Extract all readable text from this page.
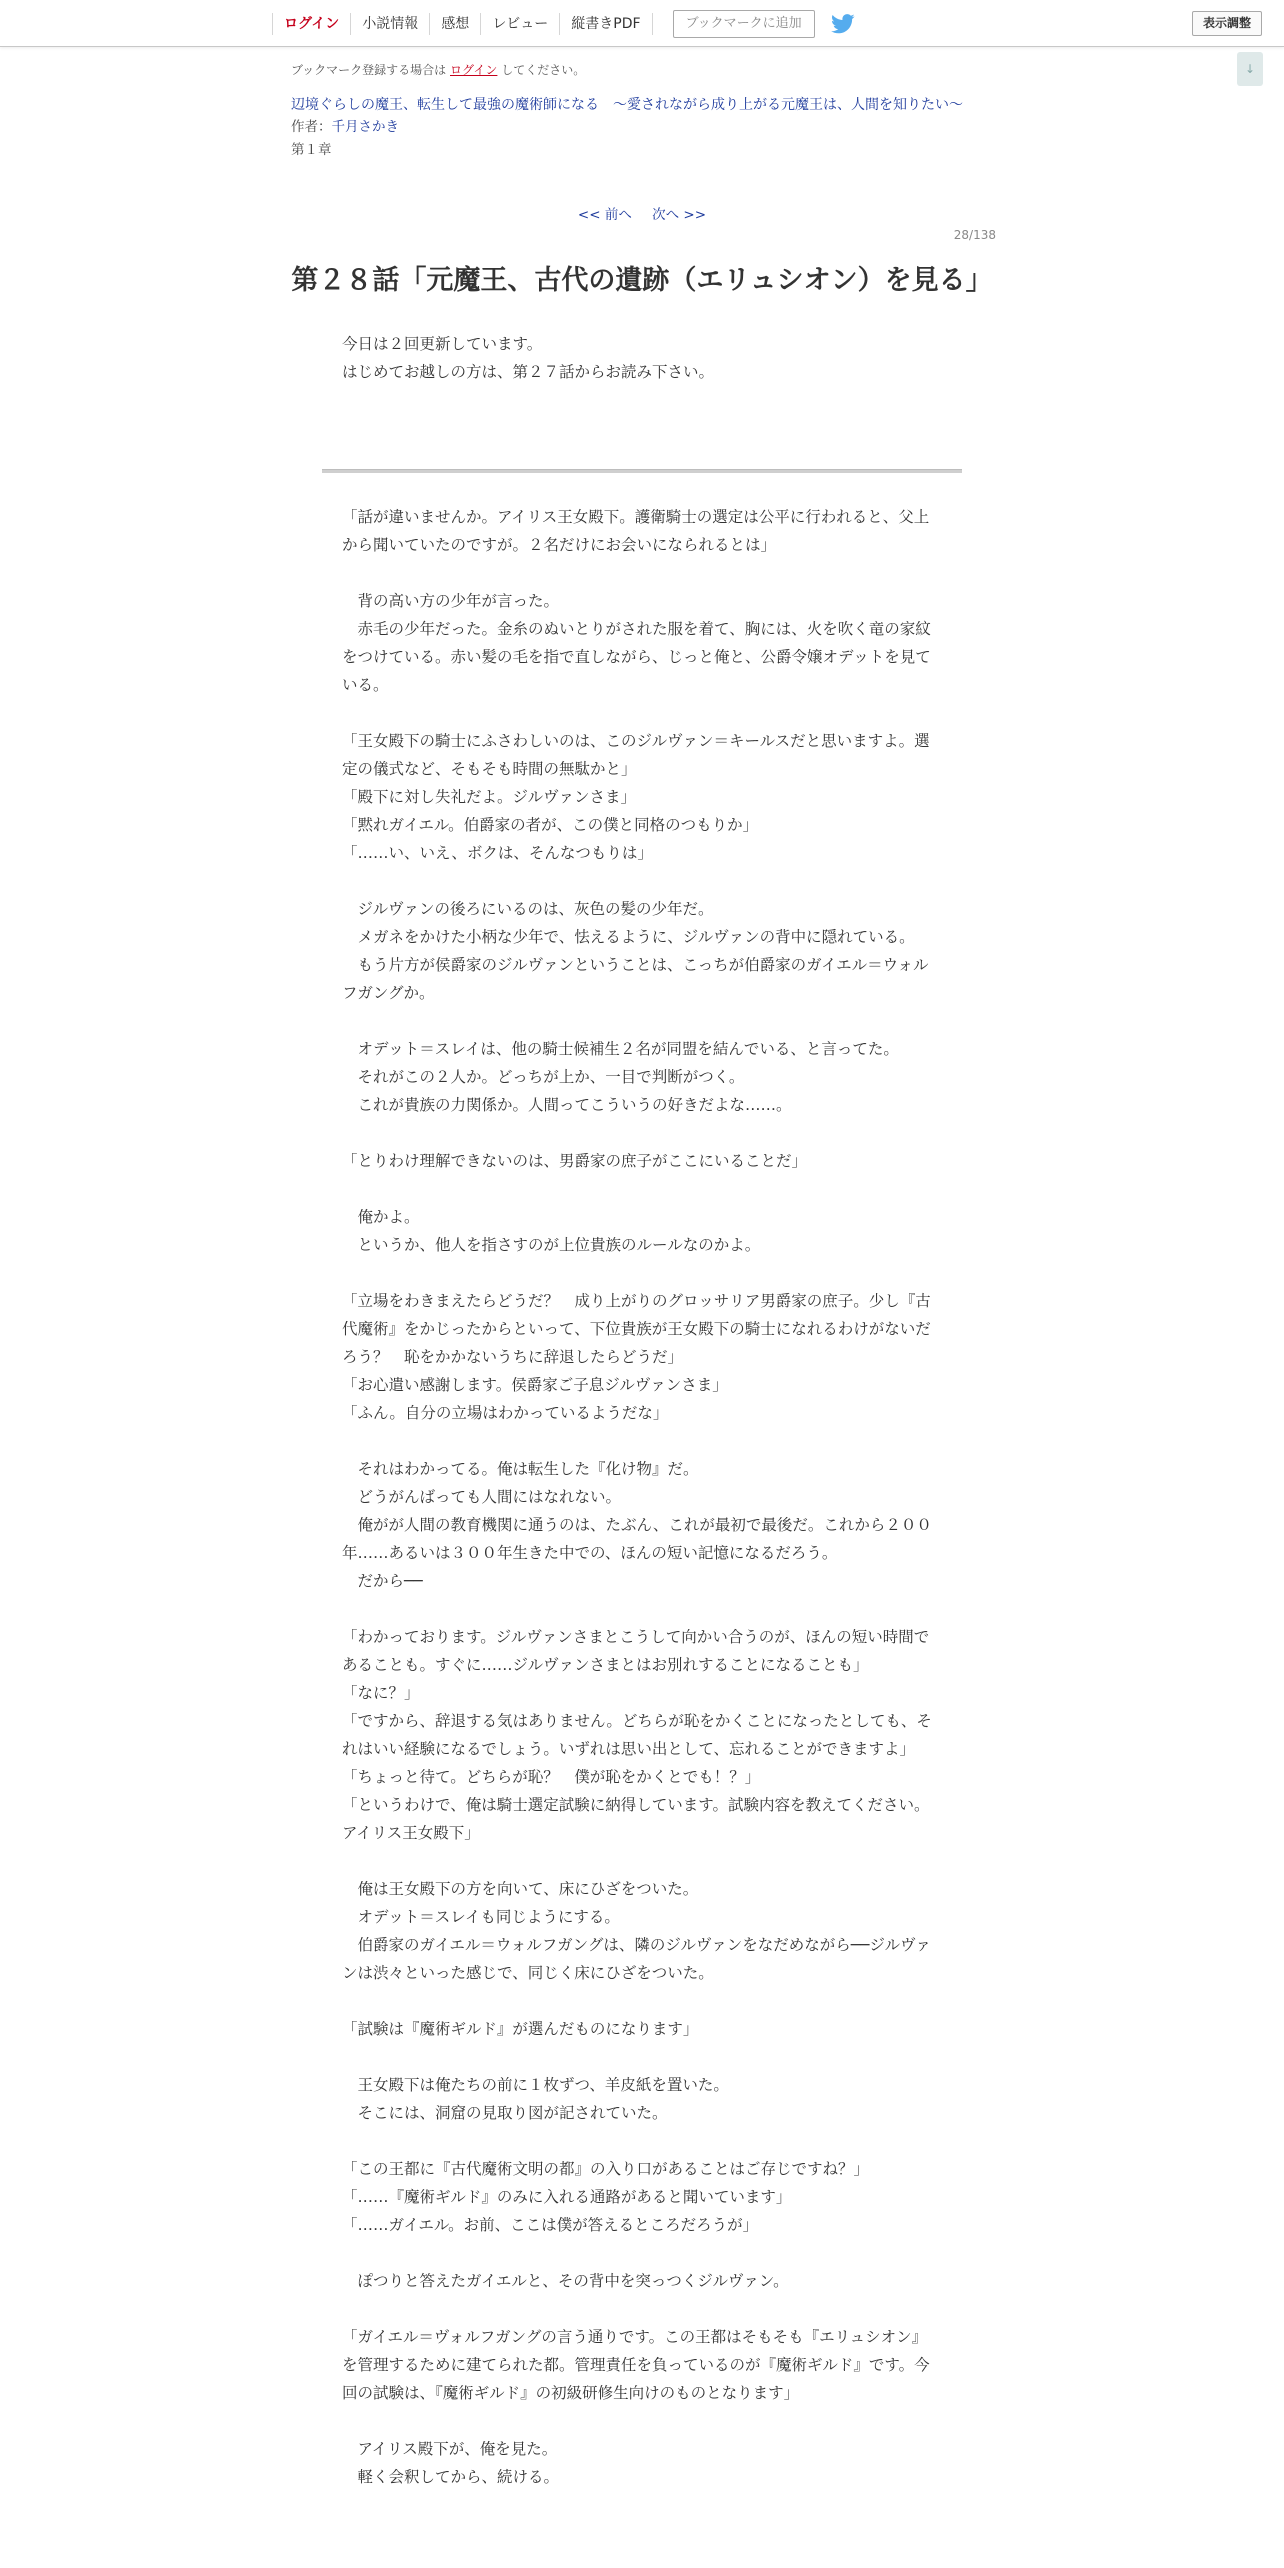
ログイン	小説情報	感想	レビュー	縦書きPDF	ブックマークに追加	表示調整
↓
ブックマーク登録する場合は ログイン してください。
辺境ぐらしの魔王、転生して最強の魔術師になる　〜愛されながら成り上がる元魔王は、人間を知りたい〜
作者：千月さかき
第１章
<< 前へ 次へ >>
28/138
第２８話「元魔王、古代の遺跡（エリュシオン）を見る」
今日は２回更新しています。
はじめてお越しの方は、第２７話からお読み下さい。
「話が違いませんか。アイリス王女殿下。護衛騎士の選定は公平に行われると、父上から聞いていたのですが。２名だけにお会いになられるとは」
　背の高い方の少年が言った。
　赤毛の少年だった。金糸のぬいとりがされた服を着て、胸には、火を吹く竜の家紋をつけている。赤い髪の毛を指で直しながら、じっと俺と、公爵令嬢オデットを見ている。
「王女殿下の騎士にふさわしいのは、このジルヴァン＝キールスだと思いますよ。選定の儀式など、そもそも時間の無駄かと」
「殿下に対し失礼だよ。ジルヴァンさま」
「黙れガイエル。伯爵家の者が、この僕と同格のつもりか」
「……い、いえ、ボクは、そんなつもりは」
　ジルヴァンの後ろにいるのは、灰色の髪の少年だ。
　メガネをかけた小柄な少年で、怯えるように、ジルヴァンの背中に隠れている。
　もう片方が侯爵家のジルヴァンということは、こっちが伯爵家のガイエル＝ウォルフガングか。
　オデット＝スレイは、他の騎士候補生２名が同盟を結んでいる、と言ってた。
　それがこの２人か。どっちが上か、一目で判断がつく。
　これが貴族の力関係か。人間ってこういうの好きだよな……。
「とりわけ理解できないのは、男爵家の庶子がここにいることだ」
　俺かよ。
　というか、他人を指さすのが上位貴族のルールなのかよ。
「立場をわきまえたらどうだ？　成り上がりのグロッサリア男爵家の庶子。少し『古代魔術』をかじったからといって、下位貴族が王女殿下の騎士になれるわけがないだろう？　恥をかかないうちに辞退したらどうだ」
「お心遣い感謝します。侯爵家ご子息ジルヴァンさま」
「ふん。自分の立場はわかっているようだな」
　それはわかってる。俺は転生した『化け物』だ。
　どうがんばっても人間にはなれない。
　俺がが人間の教育機関に通うのは、たぶん、これが最初で最後だ。これから２００年……あるいは３００年生きた中での、ほんの短い記憶になるだろう。
　だから──
「わかっております。ジルヴァンさまとこうして向かい合うのが、ほんの短い時間であることも。すぐに……ジルヴァンさまとはお別れすることになることも」
「なに？」
「ですから、辞退する気はありません。どちらが恥をかくことになったとしても、それはいい経験になるでしょう。いずれは思い出として、忘れることができますよ」
「ちょっと待て。どちらが恥？　僕が恥をかくとでも！？」
「というわけで、俺は騎士選定試験に納得しています。試験内容を教えてください。アイリス王女殿下」
　俺は王女殿下の方を向いて、床にひざをついた。
　オデット＝スレイも同じようにする。
　伯爵家のガイエル＝ウォルフガングは、隣のジルヴァンをなだめながら──ジルヴァンは渋々といった感じで、同じく床にひざをついた。
「試験は『魔術ギルド』が選んだものになります」
　王女殿下は俺たちの前に１枚ずつ、羊皮紙を置いた。
　そこには、洞窟の見取り図が記されていた。
「この王都に『古代魔術文明の都』の入り口があることはご存じですね？」
「……『魔術ギルド』のみに入れる通路があると聞いています」
「……ガイエル。お前、ここは僕が答えるところだろうが」
　ぽつりと答えたガイエルと、その背中を突っつくジルヴァン。
「ガイエル＝ヴォルフガングの言う通りです。この王都はそもそも『エリュシオン』を管理するために建てられた都。管理責任を負っているのが『魔術ギルド』です。今回の試験は、『魔術ギルド』の初級研修生向けのものとなります」
　アイリス殿下が、俺を見た。
　軽く会釈してから、続ける。
